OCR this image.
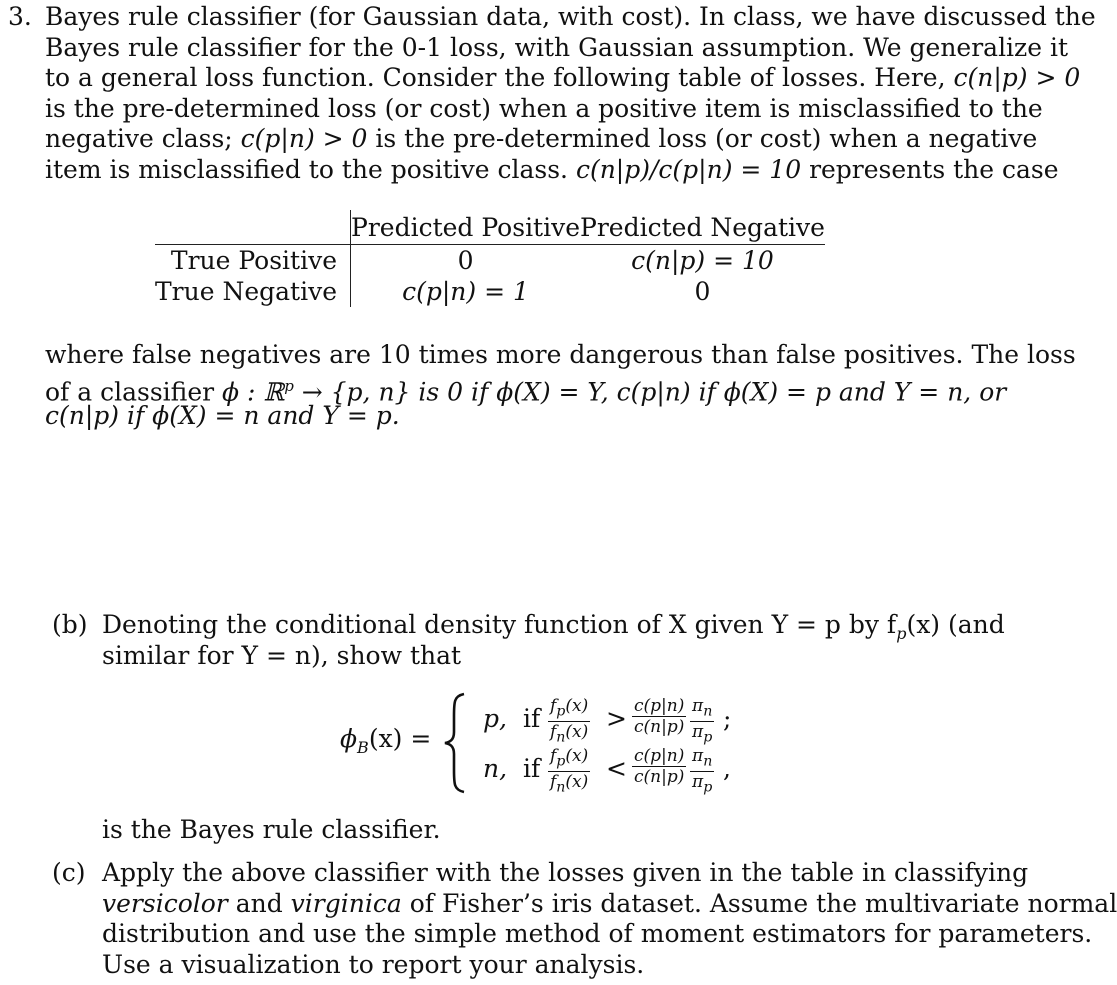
3. Bayes rule classifier (for Gaussian data, with cost). In class, we have discussed the
Bayes rule classifier for the 0-1 loss, with Gaussian assumption. We generalize it
to a general loss function. Consider the following table of losses. Here, c(n|p) > 0
is the pre-determined loss (or cost) when a positive item is misclassified to the
negative class; c(p|n) > 0 is the pre-determined loss (or cost) when a negative
item is misclassified to the positive class. c(n|p)/c(p|n) = 10 represents the case
	Predicted Positive	Predicted Negative
True Positive	0	c(n|p) = 10
True Negative	c(p|n) = 1	0
where false negatives are 10 times more dangerous than false positives. The loss
of a classifier ϕ : ℝ$^p$ → {p, n} is 0 if ϕ(X) = Y, c(p|n) if ϕ(X) = p and Y = n, or
c(n|p) if ϕ(X) = n and Y = p.
(b) Denoting the conditional density function of X given Y = p by $f_p(x)$ (and
similar for Y = n), show that
$\phi_B(x)$ =
p, if $\frac{f_p(x)}{f_n(x)} > \frac{c(p|n)}{c(n|p)} \frac{\pi_n}{\pi_p}$ ;
n, if $\frac{f_p(x)}{f_n(x)} < \frac{c(p|n)}{c(n|p)} \frac{\pi_n}{\pi_p}$ ,
is the Bayes rule classifier.
(c) Apply the above classifier with the losses given in the table in classifying
versicolor and virginica of Fisher’s iris dataset. Assume the multivariate normal
distribution and use the simple method of moment estimators for parameters.
Use a visualization to report your analysis.
